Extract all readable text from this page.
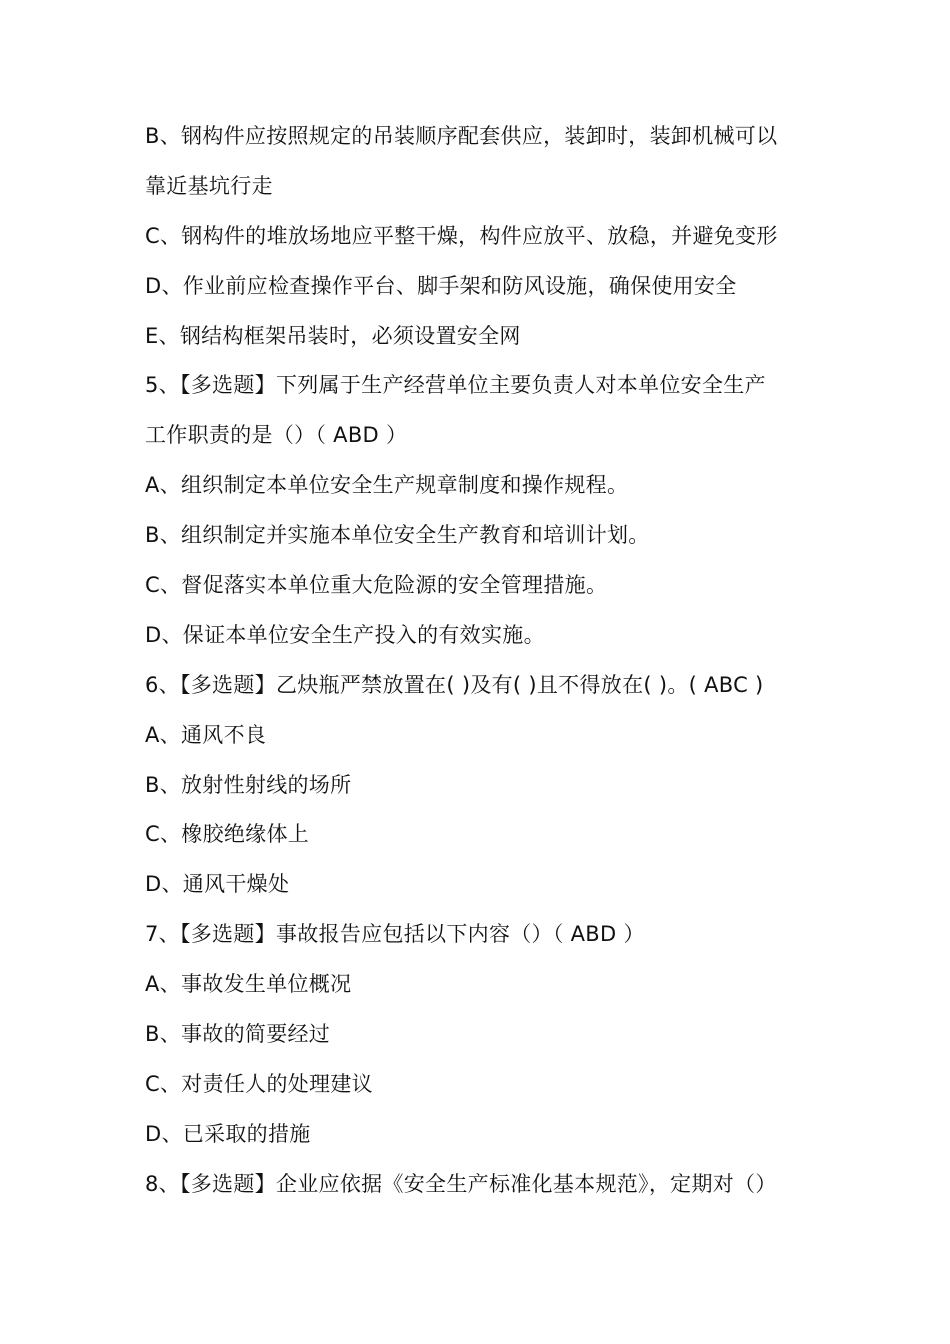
B、钢构件应按照规定的吊装顺序配套供应，装卸时，装卸机械可以
靠近基坑行走
C、钢构件的堆放场地应平整干燥，构件应放平、放稳，并避免变形
D、作业前应检查操作平台、脚手架和防风设施，确保使用安全
E、钢结构框架吊装时，必须设置安全网
5、【多选题】下列属于生产经营单位主要负责人对本单位安全生产
工作职责的是（）（ ABD ）
A、组织制定本单位安全生产规章制度和操作规程。
B、组织制定并实施本单位安全生产教育和培训计划。
C、督促落实本单位重大危险源的安全管理措施。
D、保证本单位安全生产投入的有效实施。
6、【多选题】乙炔瓶严禁放置在( )及有( )且不得放在( )。( ABC )
A、通风不良
B、放射性射线的场所
C、橡胶绝缘体上
D、通风干燥处
7、【多选题】事故报告应包括以下内容（）（ ABD ）
A、事故发生单位概况
B、事故的简要经过
C、对责任人的处理建议
D、已采取的措施
8、【多选题】企业应依据《安全生产标准化基本规范》，定期对（）
